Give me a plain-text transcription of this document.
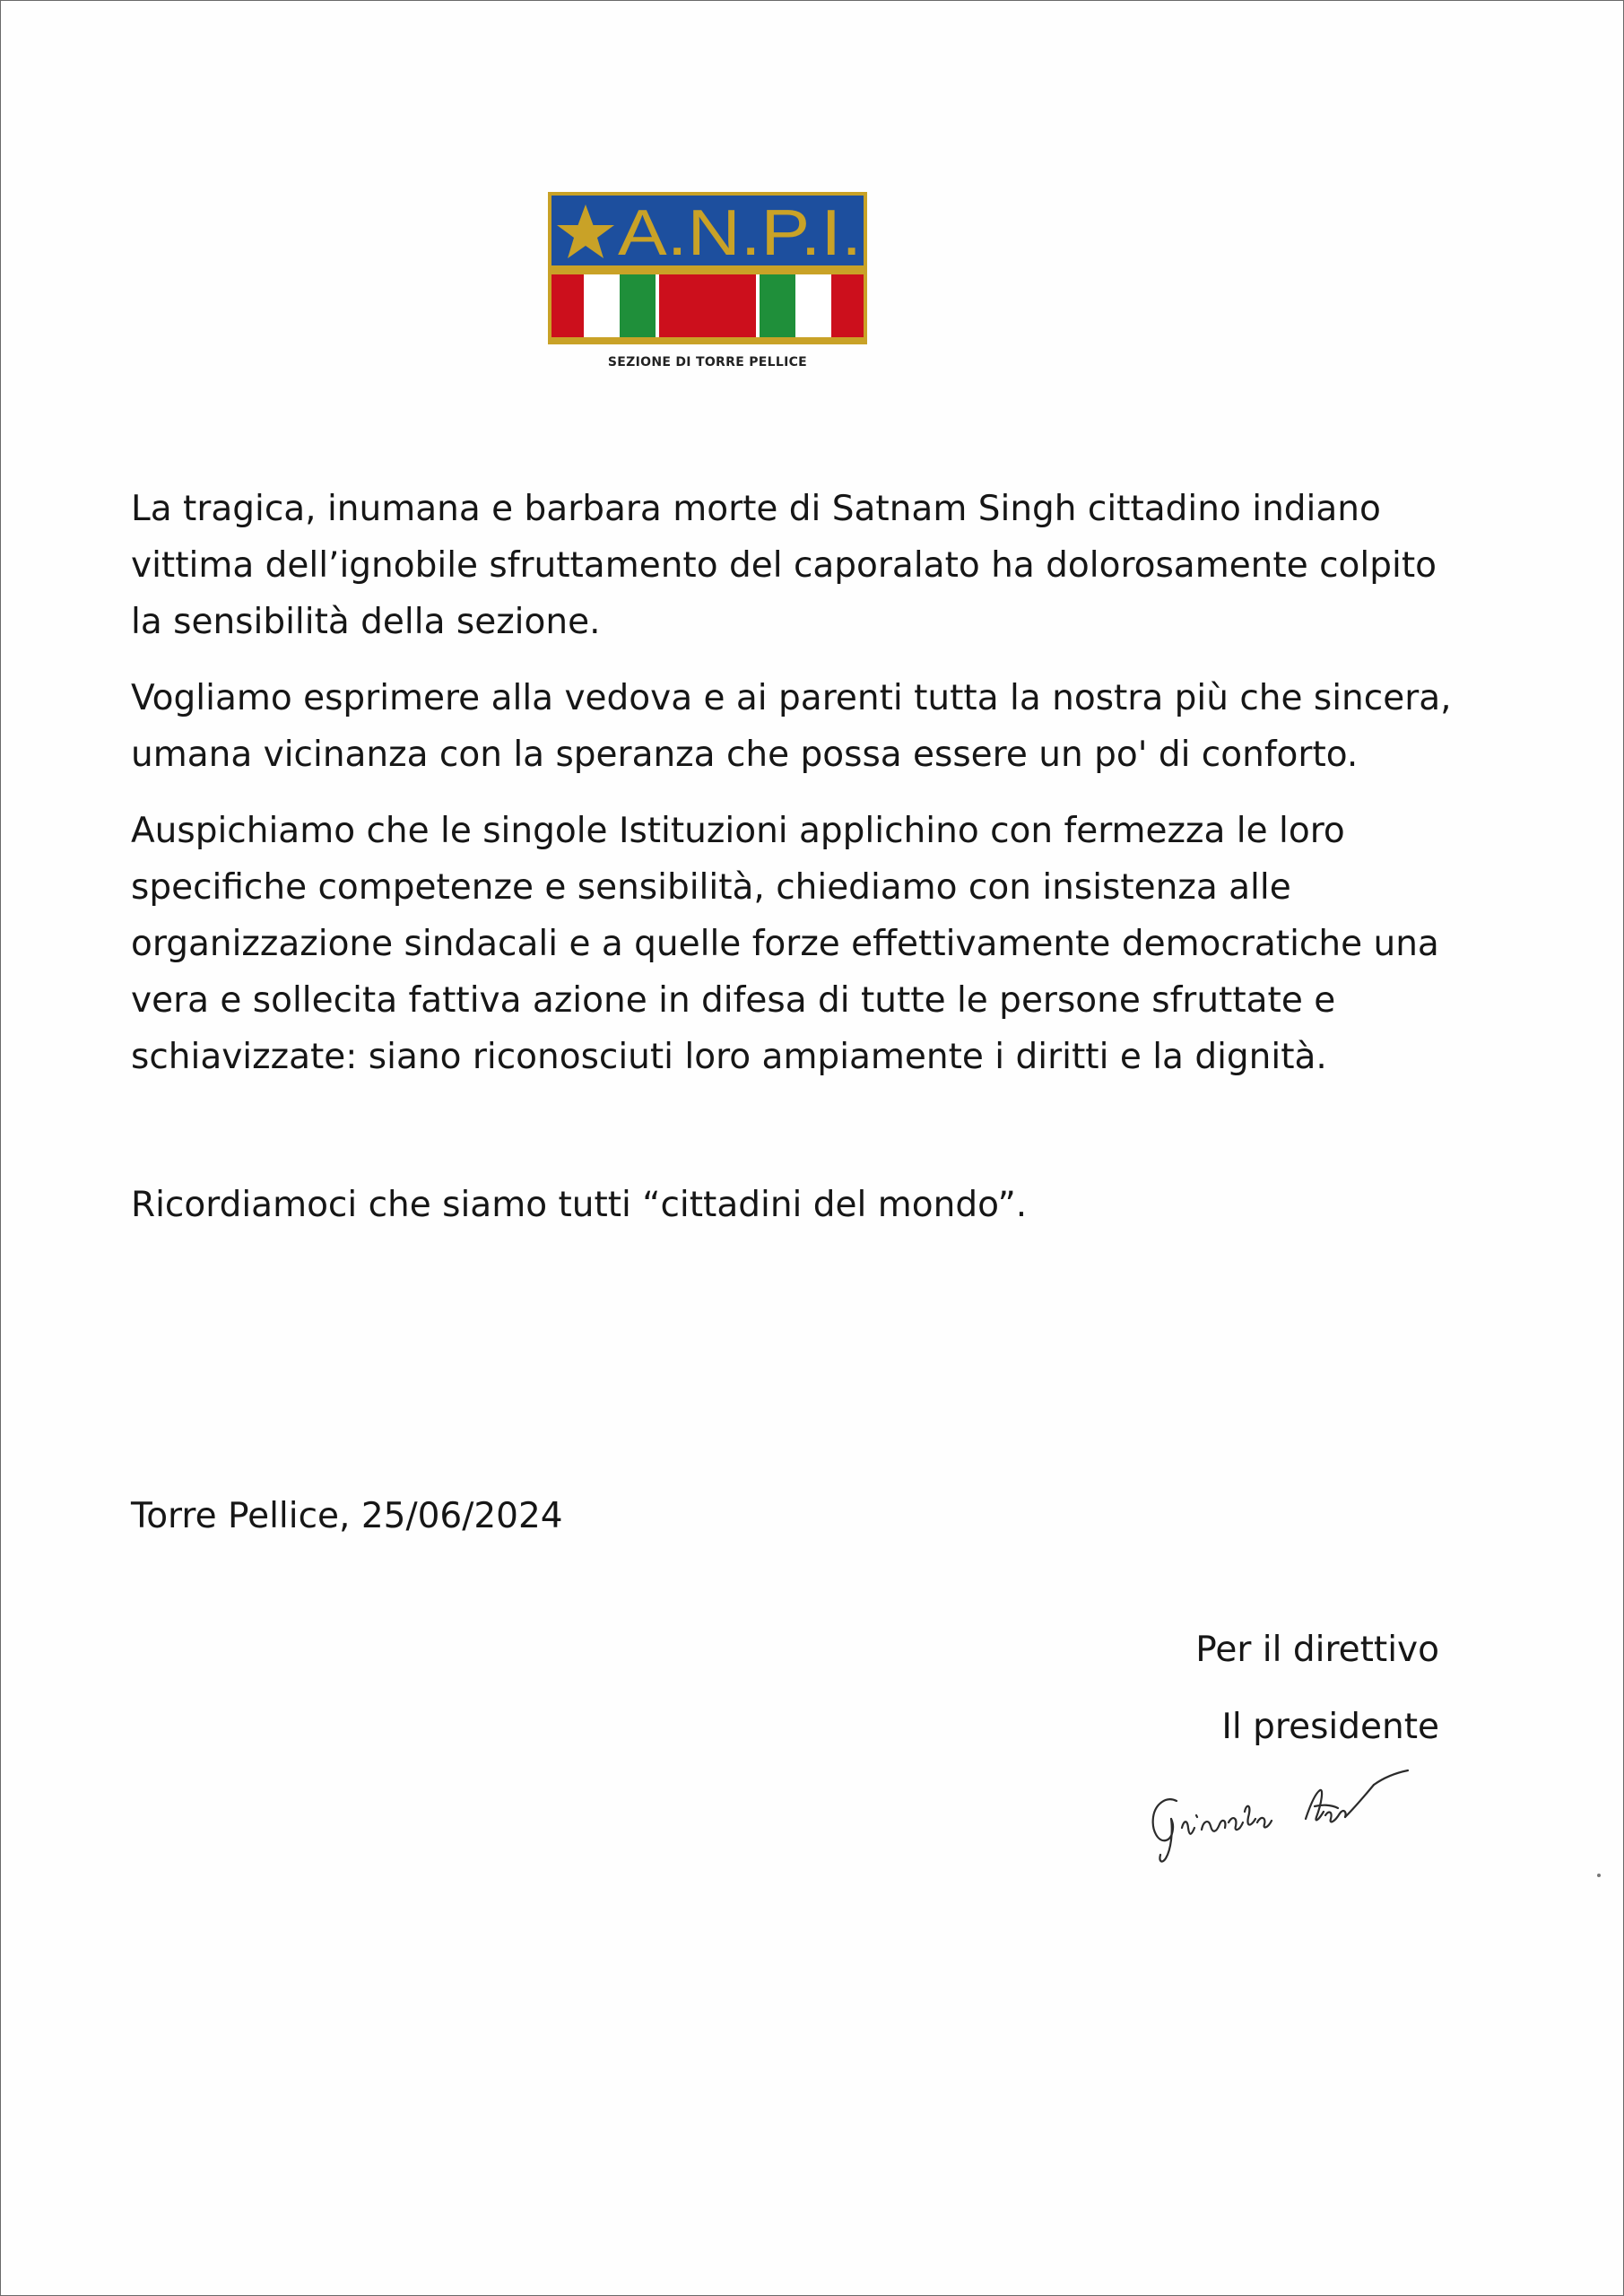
A.N.P.I.
SEZIONE DI TORRE PELLICE

La tragica, inumana e barbara morte di Satnam Singh cittadino indiano vittima dell’ignobile sfruttamento del caporalato ha dolorosamente colpito la sensibilità della sezione.

Vogliamo esprimere alla vedova e ai parenti tutta la nostra più che sincera, umana vicinanza con la speranza che possa essere un po' di conforto.

Auspichiamo che le singole Istituzioni applichino con fermezza le loro specifiche competenze e sensibilità, chiediamo con insistenza alle organizzazione sindacali e a quelle forze effettivamente democratiche una vera e sollecita fattiva azione in difesa di tutte le persone sfruttate e schiavizzate: siano riconosciuti loro ampiamente i diritti e la dignità.

Ricordiamoci che siamo tutti “cittadini del mondo”.

Torre Pellice, 25/06/2024
Per il direttivo
Il presidente
